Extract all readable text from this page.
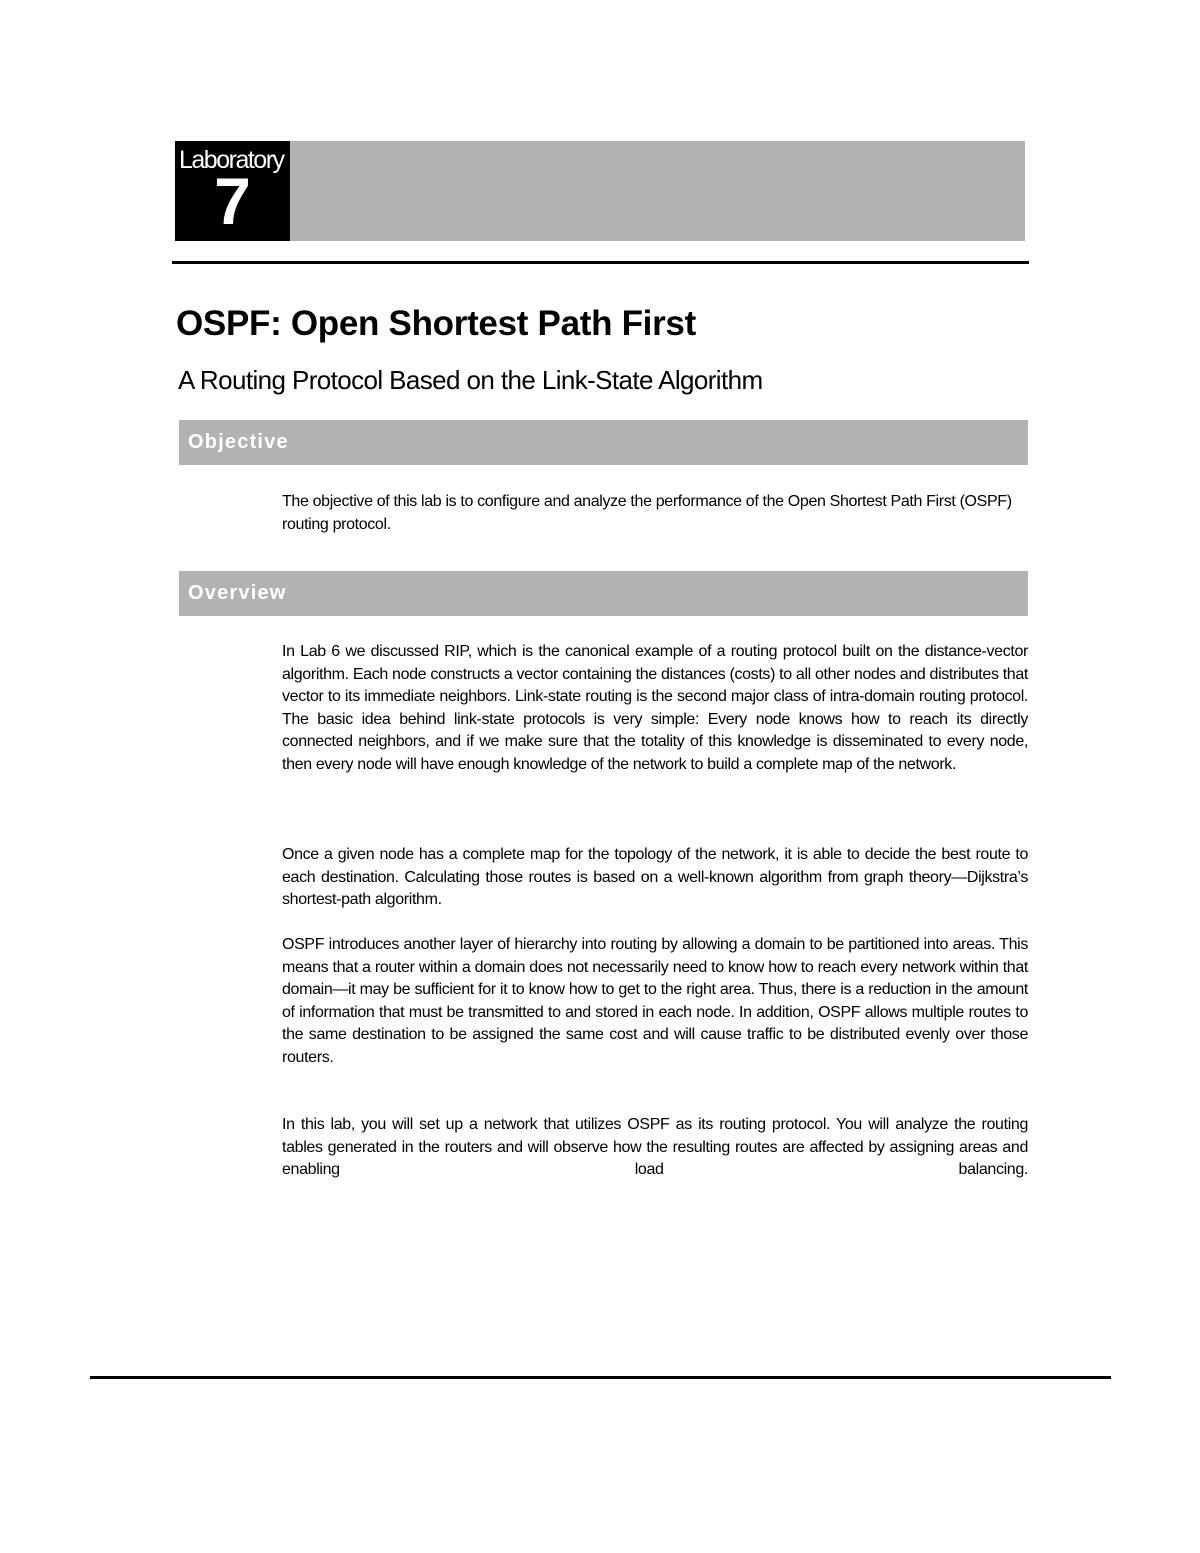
Laboratory
7
OSPF: Open Shortest Path First
A Routing Protocol Based on the Link-State Algorithm
Objective

The objective of this lab is to configure and analyze the performance of the Open Shortest Path First (OSPF) routing protocol.

Overview

In Lab 6 we discussed RIP, which is the canonical example of a routing protocol built on the distance-vector algorithm. Each node constructs a vector containing the distances (costs) to all other nodes and distributes that vector to its immediate neighbors. Link-state routing is the second major class of intra-domain routing protocol. The basic idea behind link-state protocols is very simple: Every node knows how to reach its directly connected neighbors, and if we make sure that the totality of this knowledge is disseminated to every node, then every node will have enough knowledge of the network to build a complete map of the network.

Once a given node has a complete map for the topology of the network, it is able to decide the best route to each destination. Calculating those routes is based on a well-known algorithm from graph theory—Dijkstra’s shortest-path algorithm.

OSPF introduces another layer of hierarchy into routing by allowing a domain to be partitioned into areas. This means that a router within a domain does not necessarily need to know how to reach every network within that domain—it may be sufficient for it to know how to get to the right area. Thus, there is a reduction in the amount of information that must be transmitted to and stored in each node. In addition, OSPF allows multiple routes to the same destination to be assigned the same cost and will cause traffic to be distributed evenly over those routers.

In this lab, you will set up a network that utilizes OSPF as its routing protocol. You will analyze the routing tables generated in the routers and will observe how the resulting routes are affected by assigning areas and enabling load balancing.
